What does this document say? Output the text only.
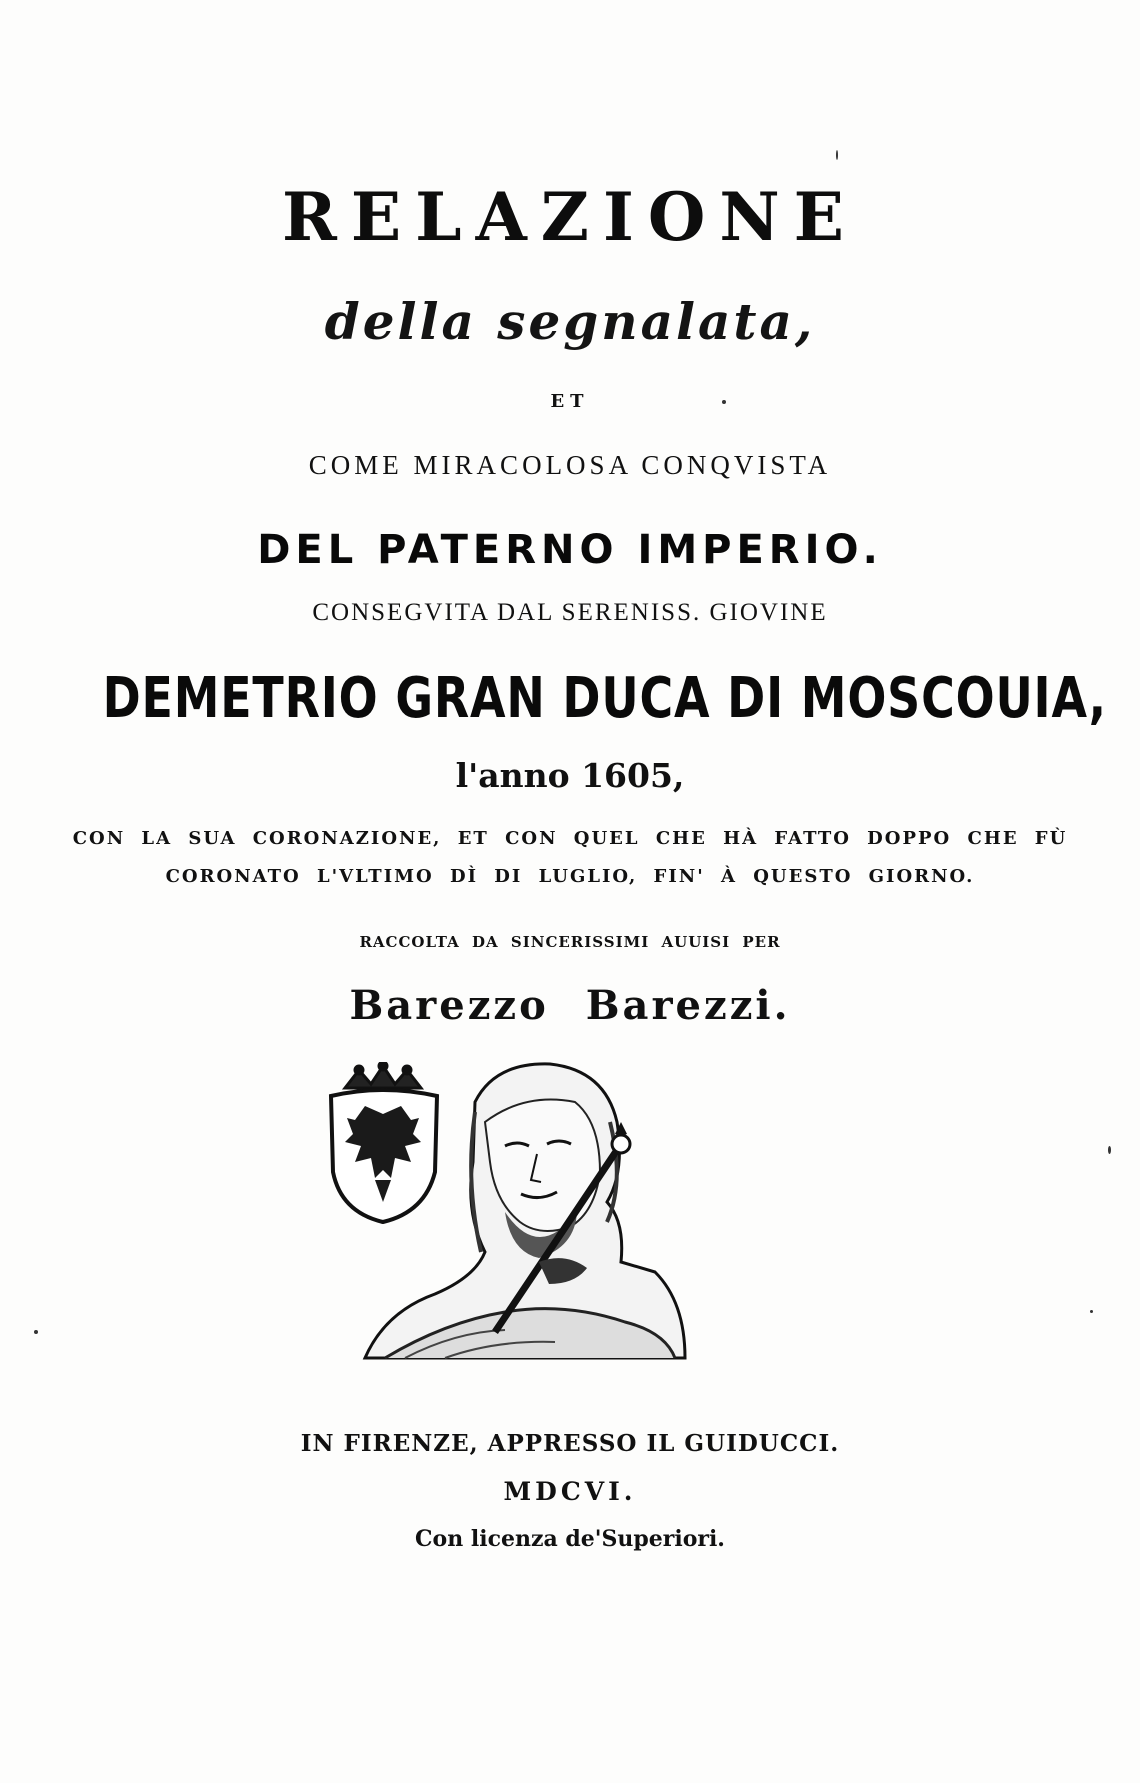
RELAZIONE
della segnalata,
ET
COME MIRACOLOSA CONQVISTA
DEL PATERNO IMPERIO.
CONSEGVITA DAL SERENISS. GIOVINE
DEMETRIO GRAN DUCA DI MOSCOUIA,
l'anno 1605,
CON LA SUA CORONAZIONE, ET CON QUEL CHE HÀ FATTO DOPPO CHE FÙ
CORONATO L'VLTIMO DÌ DI LUGLIO, FIN' À QUESTO GIORNO.
RACCOLTA DA SINCERISSIMI AUUISI PER
Barezzo Barezzi.
IN FIRENZE, APPRESSO IL GUIDUCCI.
MDCVI.
Con licenza de'Superiori.
